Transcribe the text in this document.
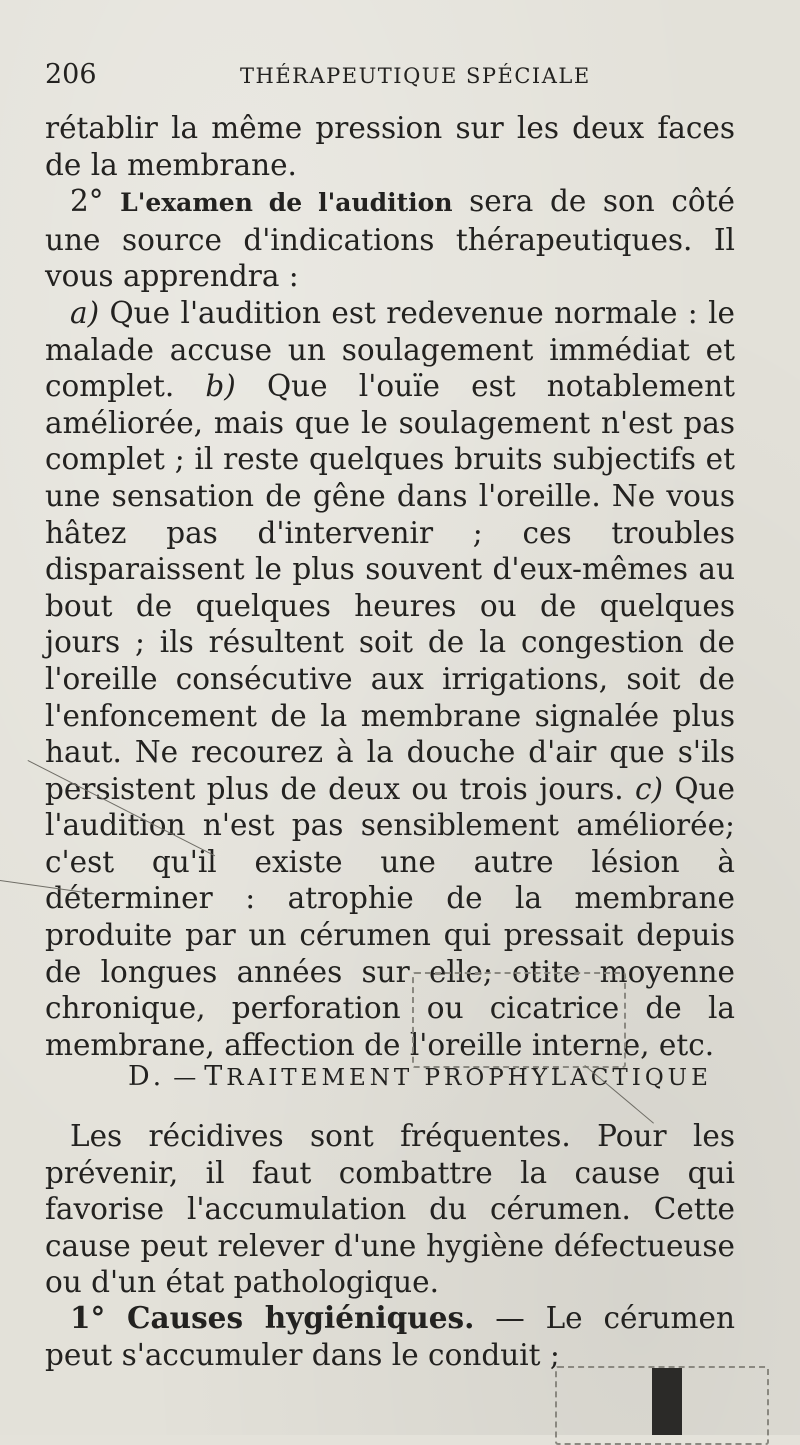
206	THÉRAPEUTIQUE SPÉCIALE

rétablir la même pression sur les deux faces de la membrane.

2° L'examen de l'audition sera de son côté une source d'indications thérapeutiques. Il vous apprendra :

a) Que l'audition est redevenue normale : le malade accuse un soulagement immédiat et complet. b) Que l'ouïe est notablement améliorée, mais que le soulagement n'est pas complet ; il reste quelques bruits subjectifs et une sensation de gêne dans l'oreille. Ne vous hâtez pas d'intervenir ; ces troubles disparaissent le plus souvent d'eux-mêmes au bout de quelques heures ou de quelques jours ; ils résultent soit de la congestion de l'oreille consécutive aux irrigations, soit de l'enfoncement de la membrane signalée plus haut. Ne recourez à la douche d'air que s'ils persistent plus de deux ou trois jours. c) Que l'audition n'est pas sensiblement améliorée; c'est qu'il existe une autre lésion à déterminer : atrophie de la membrane produite par un cérumen qui pressait depuis de longues années sur elle; otite moyenne chronique, perforation ou cicatrice de la membrane, affection de l'oreille interne, etc.

D. — TRAITEMENT PROPHYLACTIQUE

Les récidives sont fréquentes. Pour les prévenir, il faut combattre la cause qui favorise l'accumulation du cérumen. Cette cause peut relever d'une hygiène défectueuse ou d'un état pathologique.

1° Causes hygiéniques. — Le cérumen peut s'accumuler dans le conduit ;
